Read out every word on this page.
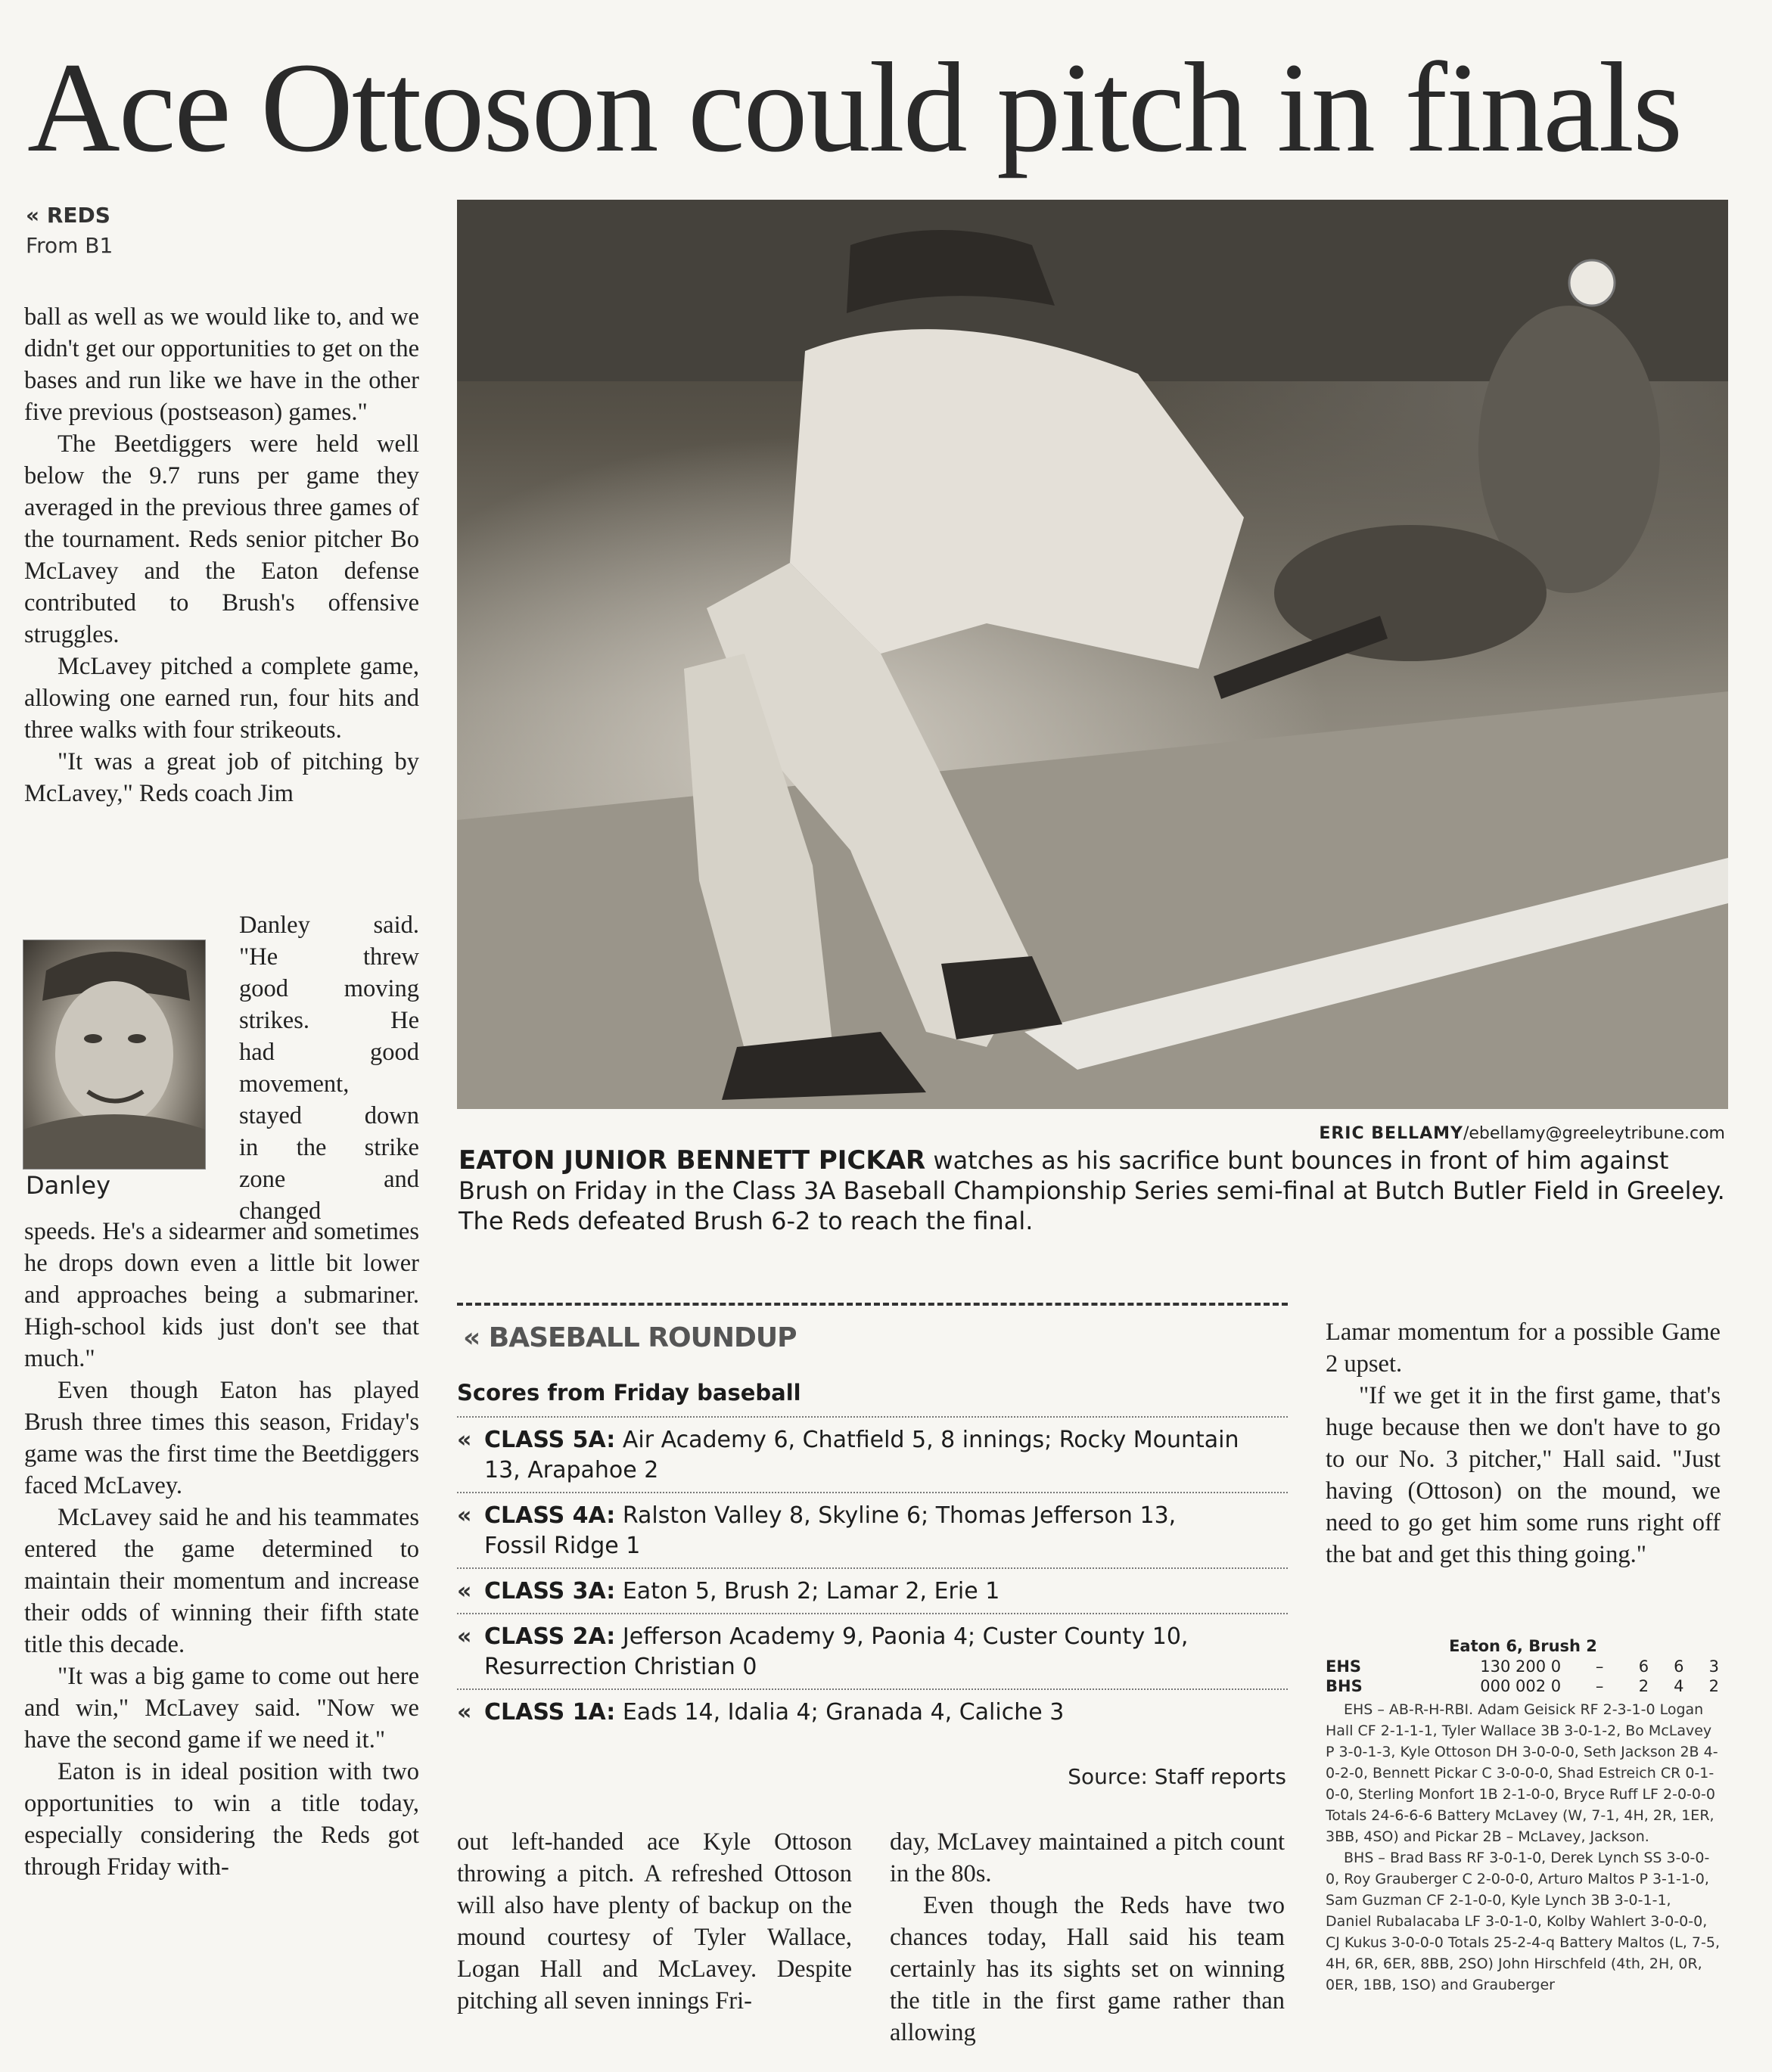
Ace Ottoson could pitch in finals
« REDS
From B1

ball as well as we would like to, and we didn't get our opportunities to get on the bases and run like we have in the other five previous (postseason) games."

The Beetdiggers were held well below the 9.7 runs per game they averaged in the previous three games of the tournament. Reds senior pitcher Bo McLavey and the Eaton defense contributed to Brush's offensive struggles.

McLavey pitched a complete game, allowing one earned run, four hits and three walks with four strikeouts.

"It was a great job of pitching by McLavey," Reds coach Jim

Danley
Danley said.
"He threw
good moving
strikes. He
had good
movement,
stayed down
in the strike
zone and
changed

speeds. He's a sidearmer and sometimes he drops down even a little bit lower and approaches being a submariner. High-school kids just don't see that much."

Even though Eaton has played Brush three times this season, Friday's game was the first time the Beetdiggers faced McLavey.

McLavey said he and his teammates entered the game determined to maintain their momentum and increase their odds of winning their fifth state title this decade.

"It was a big game to come out here and win," McLavey said. "Now we have the second game if we need it."

Eaton is in ideal position with two opportunities to win a title today, especially considering the Reds got through Friday with-

ERIC BELLAMY/ebellamy@greeleytribune.com
EATON JUNIOR BENNETT PICKAR watches as his sacrifice bunt bounces in front of him against Brush on Friday in the Class 3A Baseball Championship Series semi-final at Butch Butler Field in Greeley. The Reds defeated Brush 6-2 to reach the final.
« BASEBALL ROUNDUP
Scores from Friday baseball
« CLASS 5A: Air Academy 6, Chatfield 5, 8 innings; Rocky Mountain 13, Arapahoe 2
« CLASS 4A: Ralston Valley 8, Skyline 6; Thomas Jefferson 13, Fossil Ridge 1
« CLASS 3A: Eaton 5, Brush 2; Lamar 2, Erie 1
« CLASS 2A: Jefferson Academy 9, Paonia 4; Custer County 10, Resurrection Christian 0
« CLASS 1A: Eads 14, Idalia 4; Granada 4, Caliche 3
Source: Staff reports

out left-handed ace Kyle Ottoson throwing a pitch. A refreshed Ottoson will also have plenty of backup on the mound courtesy of Tyler Wallace, Logan Hall and McLavey. Despite pitching all seven innings Fri-

day, McLavey maintained a pitch count in the 80s.

Even though the Reds have two chances today, Hall said his team certainly has its sights set on winning the title in the first game rather than allowing

Lamar momentum for a possible Game 2 upset.

"If we get it in the first game, that's huge because then we don't have to go to our No. 3 pitcher," Hall said. "Just having (Ottoson) on the mound, we need to go get him some runs right off the bat and get this thing going."

Eaton 6, Brush 2
EHS	130 200 0	–	6	6	3
BHS	000 002 0	–	2	4	2

EHS – AB-R-H-RBI. Adam Geisick RF 2-3-1-0 Logan Hall CF 2-1-1-1, Tyler Wallace 3B 3-0-1-2, Bo McLavey P 3-0-1-3, Kyle Ottoson DH 3-0-0-0, Seth Jackson 2B 4-0-2-0, Bennett Pickar C 3-0-0-0, Shad Estreich CR 0-1-0-0, Sterling Monfort 1B 2-1-0-0, Bryce Ruff LF 2-0-0-0 Totals 24-6-6-6 Battery McLavey (W, 7-1, 4H, 2R, 1ER, 3BB, 4SO) and Pickar 2B – McLavey, Jackson.

BHS – Brad Bass RF 3-0-1-0, Derek Lynch SS 3-0-0-0, Roy Grauberger C 2-0-0-0, Arturo Maltos P 3-1-1-0, Sam Guzman CF 2-1-0-0, Kyle Lynch 3B 3-0-1-1, Daniel Rubalacaba LF 3-0-1-0, Kolby Wahlert 3-0-0-0, CJ Kukus 3-0-0-0 Totals 25-2-4-q Battery Maltos (L, 7-5, 4H, 6R, 6ER, 8BB, 2SO) John Hirschfeld (4th, 2H, 0R, 0ER, 1BB, 1SO) and Grauberger
